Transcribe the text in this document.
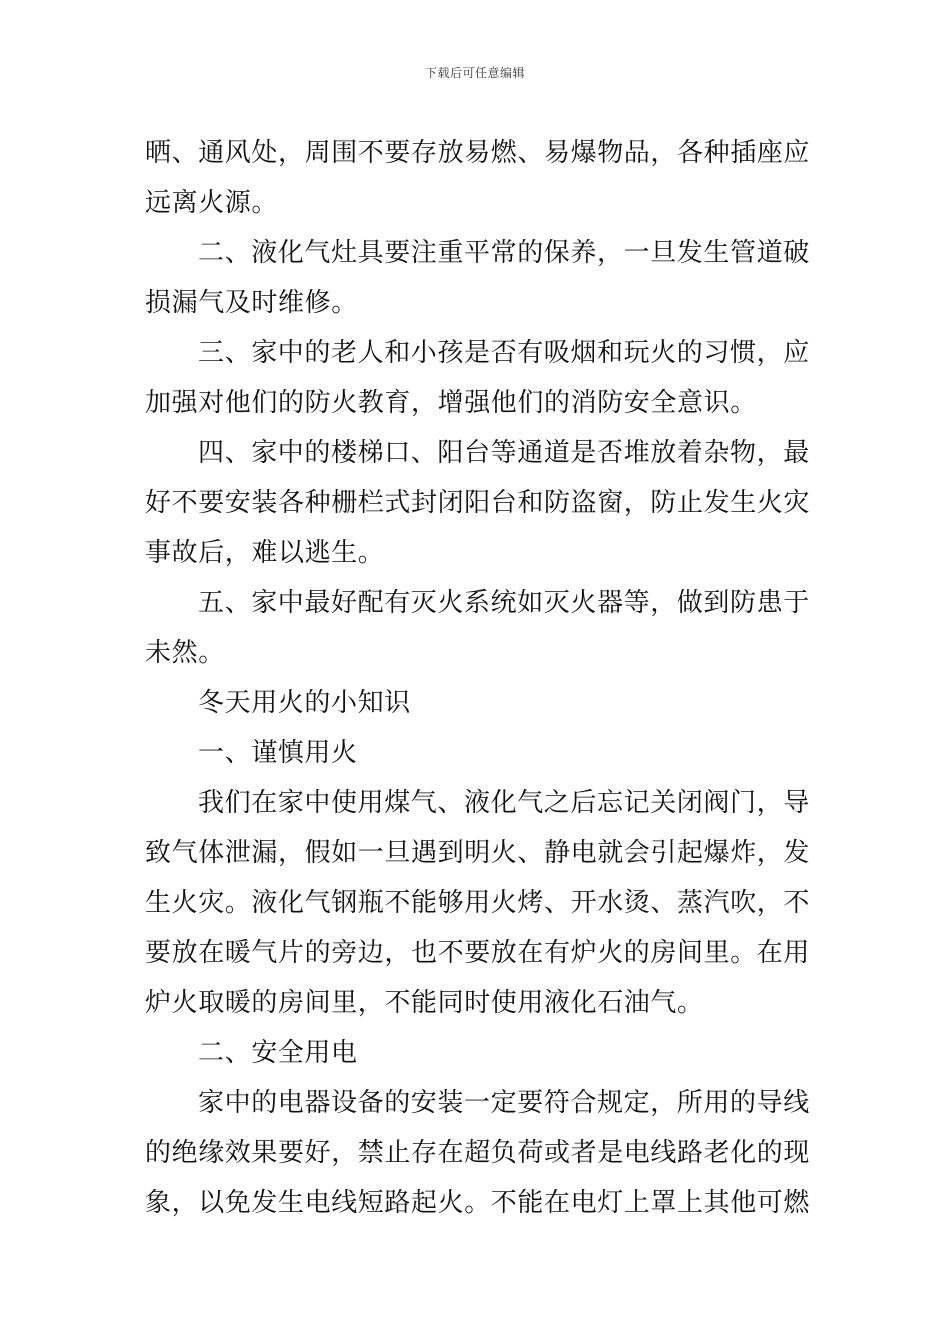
下载后可任意编辑

晒、通风处，周围不要存放易燃、易爆物品，各种插座应远离火源。

二、液化气灶具要注重平常的保养，一旦发生管道破损漏气及时维修。

三、家中的老人和小孩是否有吸烟和玩火的习惯，应加强对他们的防火教育，增强他们的消防安全意识。

四、家中的楼梯口、阳台等通道是否堆放着杂物，最好不要安装各种栅栏式封闭阳台和防盗窗，防止发生火灾事故后，难以逃生。

五、家中最好配有灭火系统如灭火器等，做到防患于未然。

冬天用火的小知识

一、谨慎用火

我们在家中使用煤气、液化气之后忘记关闭阀门，导致气体泄漏，假如一旦遇到明火、静电就会引起爆炸，发生火灾。液化气钢瓶不能够用火烤、开水烫、蒸汽吹，不要放在暖气片的旁边，也不要放在有炉火的房间里。在用炉火取暖的房间里，不能同时使用液化石油气。

二、安全用电

家中的电器设备的安装一定要符合规定，所用的导线的绝缘效果要好，禁止存在超负荷或者是电线路老化的现象，以免发生电线短路起火。不能在电灯上罩上其他可燃
